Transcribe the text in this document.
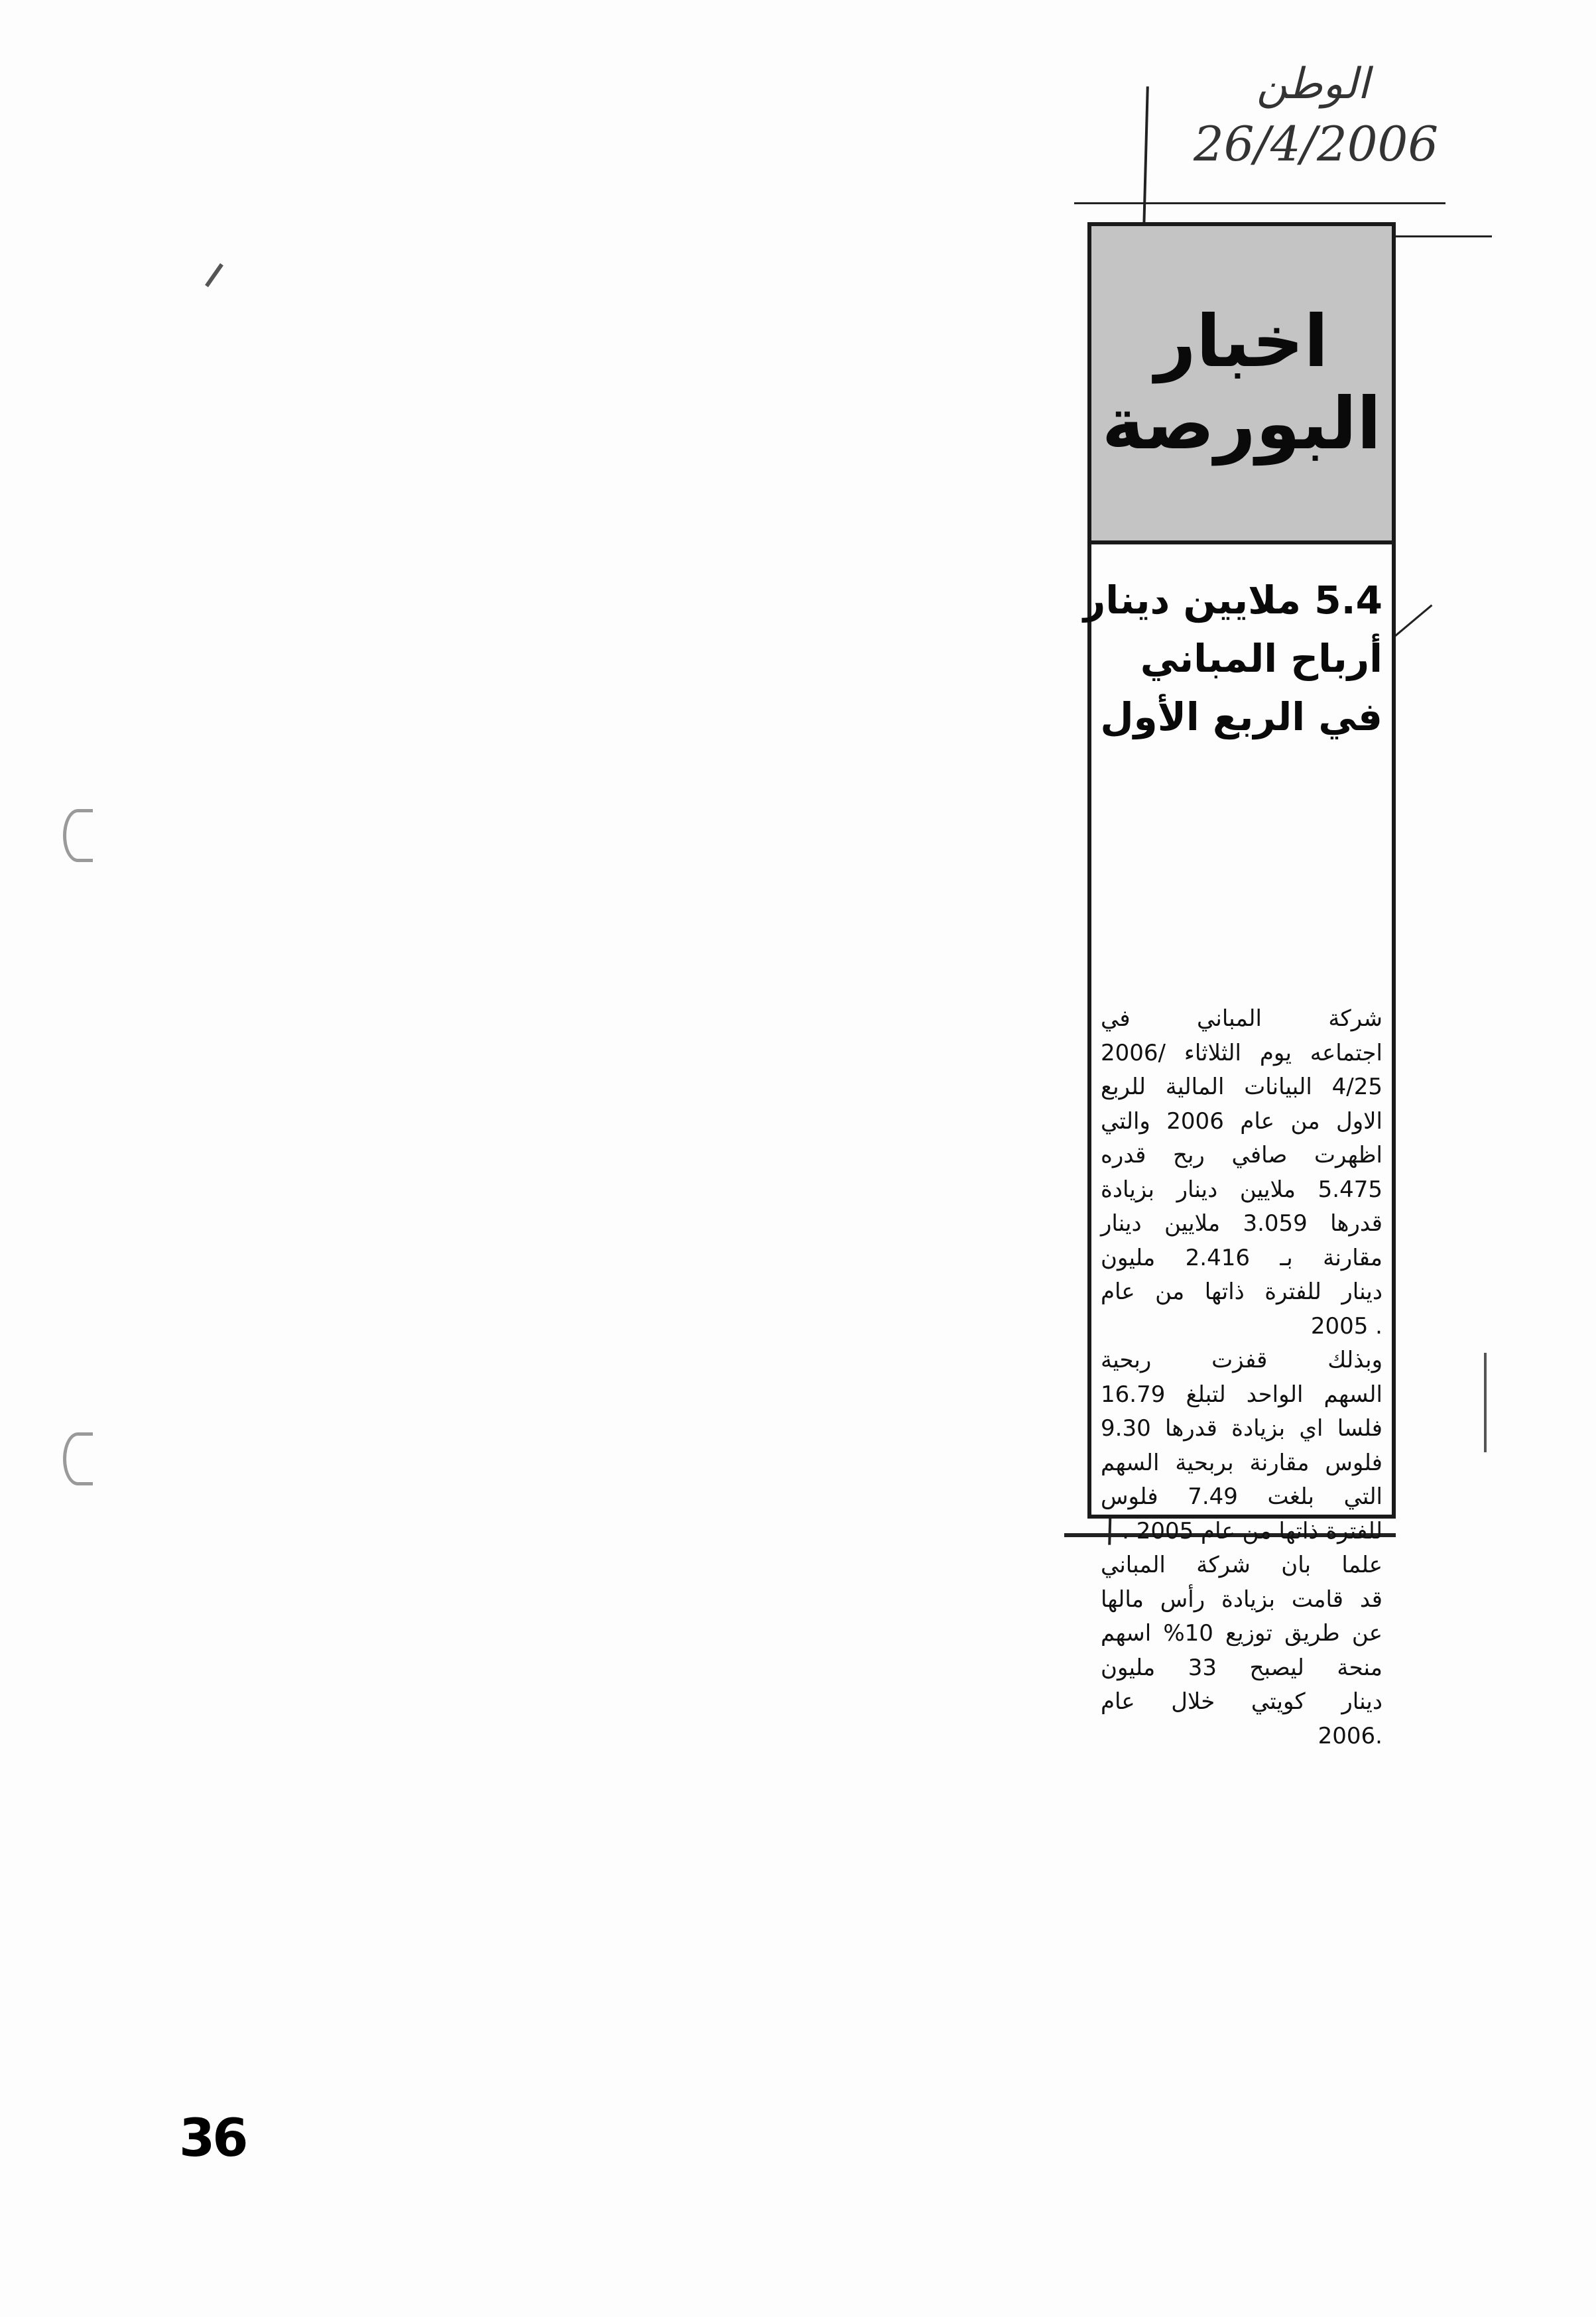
الوطن
26/4/2006
اخبار
البورصة
5.4 ملايين دينار
أرباح المباني
في الربع الأول
شركة المباني في
اجتماعه يوم الثلاثاء /2006
4/25 البيانات المالية للربع
الاول من عام 2006 والتي
اظهرت صافي ربح قدره
5.475 ملايين دينار بزيادة
قدرها 3.059 ملايين دينار
مقارنة بـ 2.416 مليون
دينار للفترة ذاتها من عام
2005 .
وبذلك قفزت ربحية
السهم الواحد لتبلغ 16.79
فلسا اي بزيادة قدرها 9.30
فلوس مقارنة بربحية السهم
التي بلغت 7.49 فلوس
للفترة ذاتها من عام 2005 .
علما بان شركة المباني
قد قامت بزيادة رأس مالها
عن طريق توزيع 10% اسهم
منحة ليصبح 33 مليون
دينار كويتي خلال عام
2006.
36
